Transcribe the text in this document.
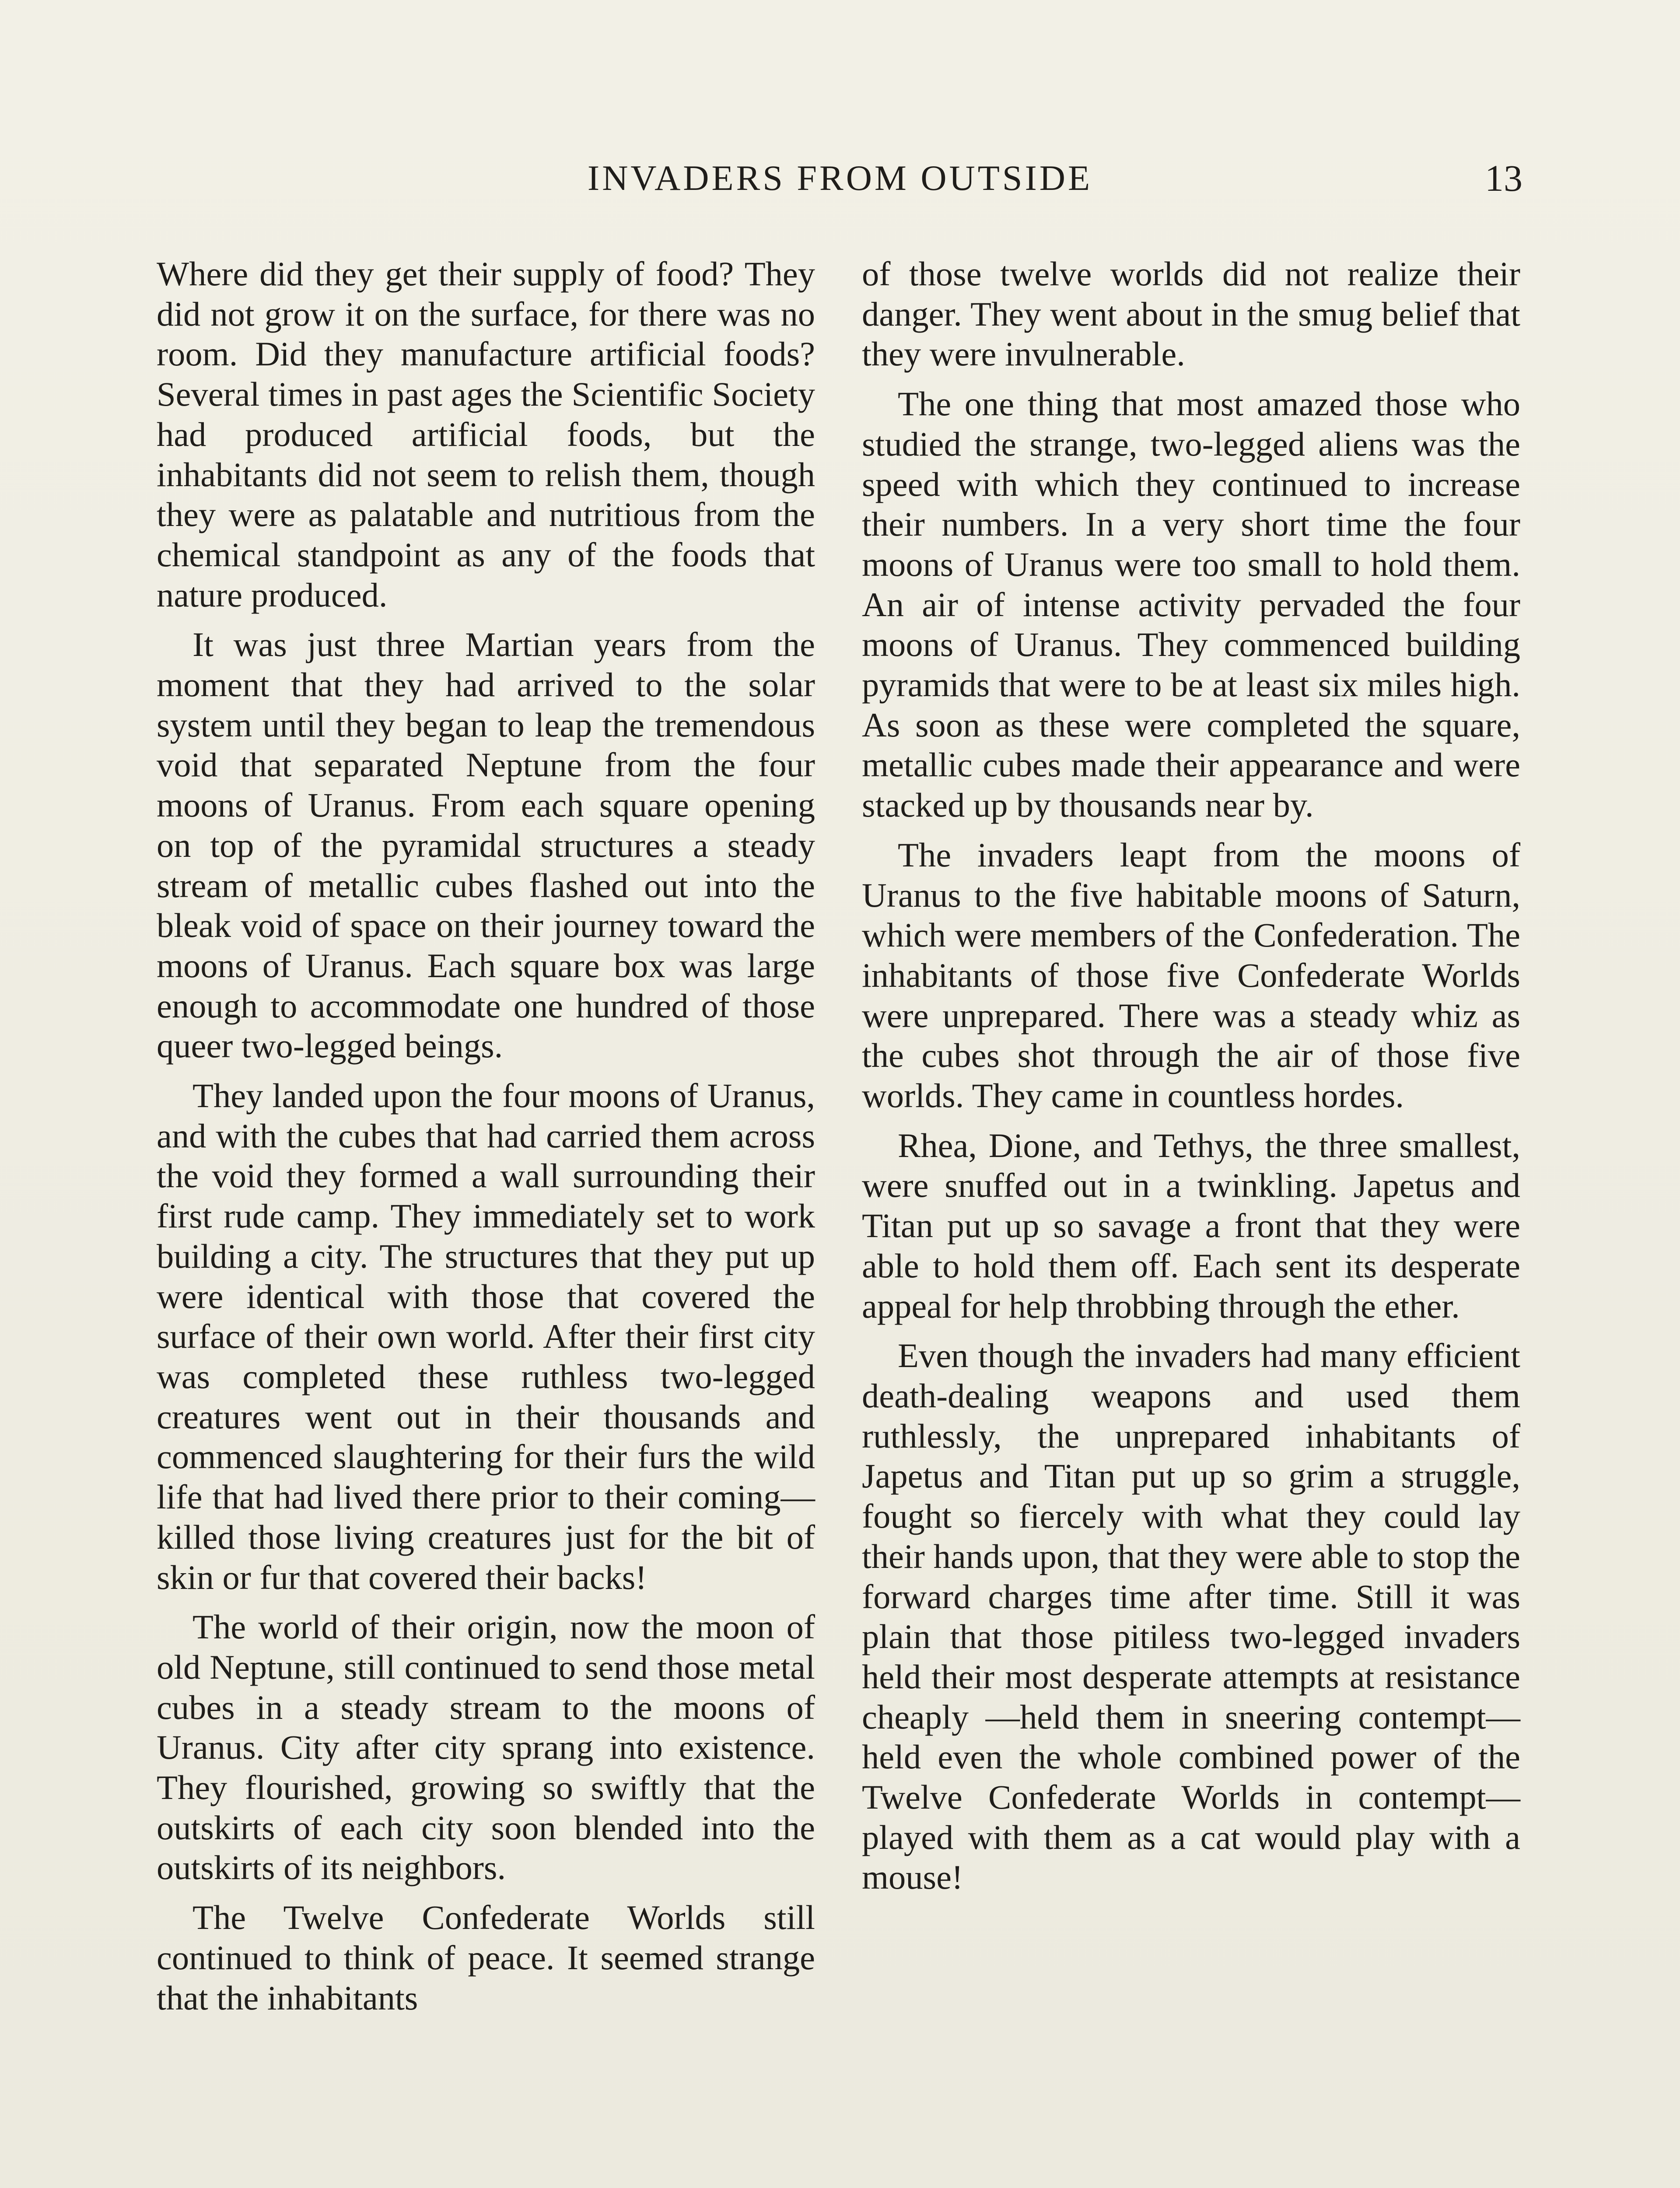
INVADERS FROM OUTSIDE	13

Where did they get their supply of food? They did not grow it on the surface, for there was no room. Did they manufacture artificial foods? Several times in past ages the Scientific Society had produced artificial foods, but the inhabitants did not seem to relish them, though they were as palatable and nutritious from the chemical standpoint as any of the foods that nature produced.

It was just three Martian years from the moment that they had arrived to the solar system until they began to leap the tremendous void that separated Neptune from the four moons of Uranus. From each square opening on top of the pyramidal structures a steady stream of metallic cubes flashed out into the bleak void of space on their journey toward the moons of Uranus. Each square box was large enough to accommodate one hundred of those queer two-legged beings.

They landed upon the four moons of Uranus, and with the cubes that had carried them across the void they formed a wall surrounding their first rude camp. They immediately set to work building a city. The structures that they put up were identical with those that covered the surface of their own world. After their first city was completed these ruthless two-legged creatures went out in their thousands and commenced slaughtering for their furs the wild life that had lived there prior to their coming—killed those living creatures just for the bit of skin or fur that covered their backs!

The world of their origin, now the moon of old Neptune, still continued to send those metal cubes in a steady stream to the moons of Uranus. City after city sprang into existence. They flourished, growing so swiftly that the outskirts of each city soon blended into the outskirts of its neighbors.

The Twelve Confederate Worlds still continued to think of peace. It seemed strange that the inhabitants

of those twelve worlds did not realize their danger. They went about in the smug belief that they were invulnerable.

The one thing that most amazed those who studied the strange, two-legged aliens was the speed with which they continued to increase their numbers. In a very short time the four moons of Uranus were too small to hold them. An air of intense activity pervaded the four moons of Uranus. They commenced building pyramids that were to be at least six miles high. As soon as these were completed the square, metallic cubes made their appearance and were stacked up by thousands near by.

The invaders leapt from the moons of Uranus to the five habitable moons of Saturn, which were members of the Confederation. The inhabitants of those five Confederate Worlds were unprepared. There was a steady whiz as the cubes shot through the air of those five worlds. They came in countless hordes.

Rhea, Dione, and Tethys, the three smallest, were snuffed out in a twinkling. Japetus and Titan put up so savage a front that they were able to hold them off. Each sent its desperate appeal for help throbbing through the ether.

Even though the invaders had many efficient death-dealing weapons and used them ruthlessly, the unprepared inhabitants of Japetus and Titan put up so grim a struggle, fought so fiercely with what they could lay their hands upon, that they were able to stop the forward charges time after time. Still it was plain that those pitiless two-legged invaders held their most desperate attempts at resistance cheaply —held them in sneering contempt—held even the whole combined power of the Twelve Confederate Worlds in contempt—played with them as a cat would play with a mouse!
